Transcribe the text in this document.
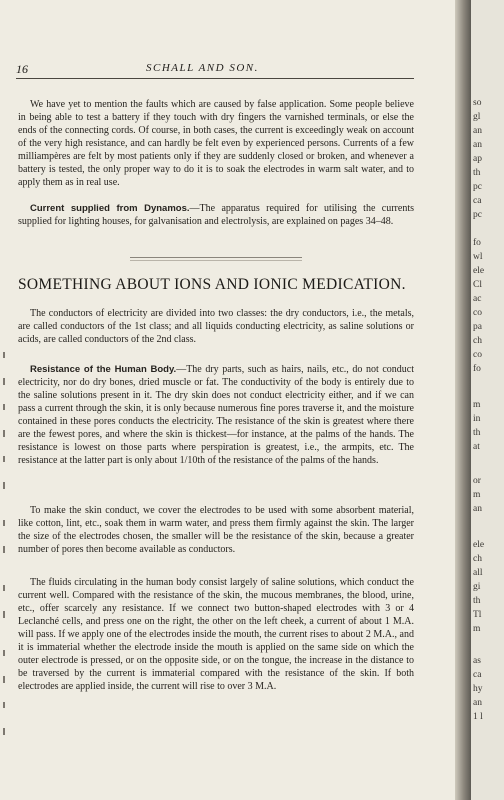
16	SCHALL AND SON.

We have yet to mention the faults which are caused by false application. Some people believe in being able to test a battery if they touch with dry fingers the varnished terminals, or else the ends of the connecting cords. Of course, in both cases, the current is exceedingly weak on account of the very high resistance, and can hardly be felt even by experienced persons. Currents of a few milliampères are felt by most patients only if they are suddenly closed or broken, and whenever a battery is tested, the only proper way to do it is to soak the electrodes in warm salt water, and to apply them as in real use.

Current supplied from Dynamos.—The apparatus required for utilising the currents supplied for lighting houses, for galvanisation and electrolysis, are explained on pages 34–48.

SOMETHING ABOUT IONS AND IONIC MEDICATION.

The conductors of electricity are divided into two classes: the dry conductors, i.e., the metals, are called conductors of the 1st class; and all liquids conducting electricity, as saline solutions or acids, are called conductors of the 2nd class.

Resistance of the Human Body.—The dry parts, such as hairs, nails, etc., do not conduct electricity, nor do dry bones, dried muscle or fat. The conductivity of the body is entirely due to the saline solutions present in it. The dry skin does not conduct electricity either, and if we can pass a current through the skin, it is only because numerous fine pores traverse it, and the moisture contained in these pores conducts the electricity. The resistance of the skin is greatest where there are the fewest pores, and where the skin is thickest—for instance, at the palms of the hands. The resistance is lowest on those parts where perspiration is greatest, i.e., the armpits, etc. The resistance at the latter part is only about 1/10th of the resistance of the palms of the hands.

To make the skin conduct, we cover the electrodes to be used with some absorbent material, like cotton, lint, etc., soak them in warm water, and press them firmly against the skin. The larger the size of the electrodes chosen, the smaller will be the resistance of the skin, because a greater number of pores then become available as conductors.

The fluids circulating in the human body consist largely of saline solutions, which conduct the current well. Compared with the resistance of the skin, the mucous membranes, the blood, urine, etc., offer scarcely any resistance. If we connect two button-shaped electrodes with 3 or 4 Leclanché cells, and press one on the right, the other on the left cheek, a current of about 1 M.A. will pass. If we apply one of the electrodes inside the mouth, the current rises to about 2 M.A., and it is immaterial whether the electrode inside the mouth is applied on the same side on which the outer electrode is pressed, or on the opposite side, or on the tongue, the increase in the distance to be traversed by the current is immaterial compared with the resistance of the skin. If both electrodes are applied inside, the current will rise to over 3 M.A.

so
gl
an
an
ap
th
pc
ca
pc
fo
wl
ele
Cl
ac
co
pa
ch
co
fo
m
in
th
at
or
m
an
ele
ch
all
gi
th
Tl
m
as
ca
hy
an
1 l
